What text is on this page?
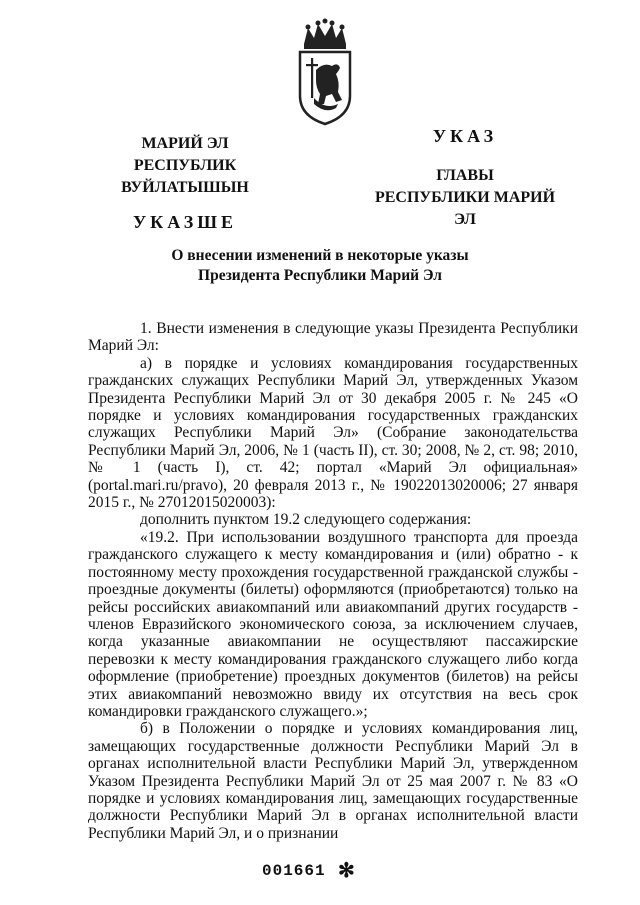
МАРИЙ ЭЛ РЕСПУБЛИК
ВУЙЛАТЫШЫН
УКАЗШЕ
УКАЗ
ГЛАВЫ
РЕСПУБЛИКИ МАРИЙ ЭЛ
О внесении изменений в некоторые указы
Президента Республики Марий Эл

1. Внести изменения в следующие указы Президента Республики Марий Эл:

а) в порядке и условиях командирования государственных гражданских служащих Республики Марий Эл, утвержденных Указом Президента Республики Марий Эл от 30 декабря 2005 г. № 245 «О порядке и условиях командирования государственных гражданских служащих Республики Марий Эл» (Собрание законодательства Республики Марий Эл, 2006, № 1 (часть II), ст. 30; 2008, № 2, ст. 98; 2010, № 1 (часть I), ст. 42; портал «Марий Эл официальная» (portal.mari.ru/pravo), 20 февраля 2013 г., № 19022013020006; 27 января 2015 г., № 27012015020003):

дополнить пунктом 19.2 следующего содержания:

«19.2. При использовании воздушного транспорта для проезда гражданского служащего к месту командирования и (или) обратно - к постоянному месту прохождения государственной гражданской службы - проездные документы (билеты) оформляются (приобретаются) только на рейсы российских авиакомпаний или авиакомпаний других государств - членов Евразийского экономического союза, за исключением случаев, когда указанные авиакомпании не осуществляют пассажирские перевозки к месту командирования гражданского служащего либо когда оформление (приобретение) проездных документов (билетов) на рейсы этих авиакомпаний невозможно ввиду их отсутствия на весь срок командировки гражданского служащего.»;

б) в Положении о порядке и условиях командирования лиц, замещающих государственные должности Республики Марий Эл в органах исполнительной власти Республики Марий Эл, утвержденном Указом Президента Республики Марий Эл от 25 мая 2007 г. № 83 «О порядке и условиях командирования лиц, замещающих государственные должности Республики Марий Эл в органах исполнительной власти Республики Марий Эл, и о признании

001661 ✻
